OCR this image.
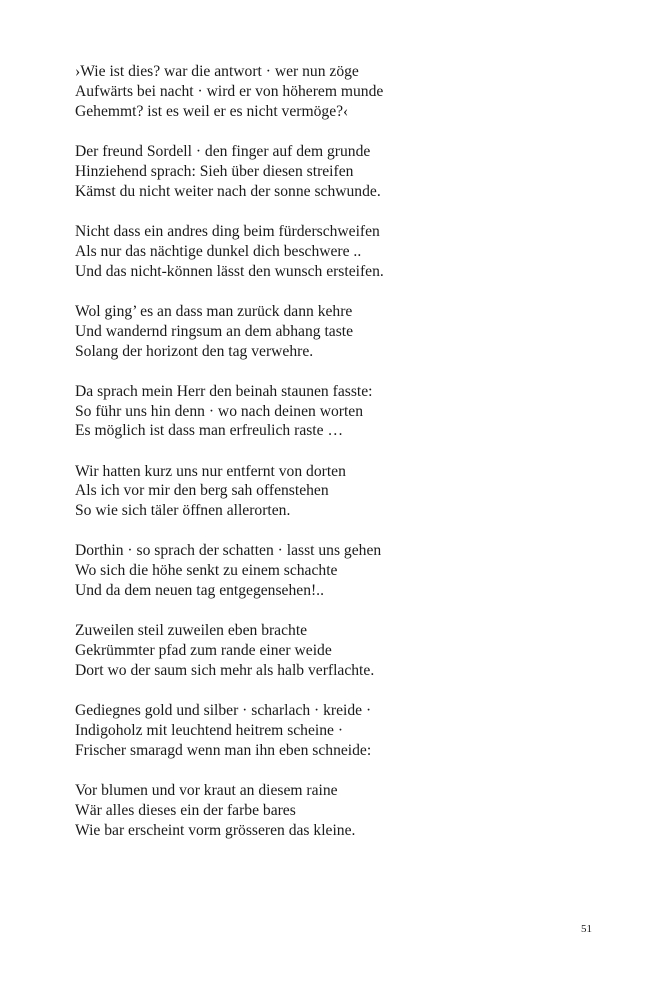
›Wie ist dies? war die antwort · wer nun zöge
Aufwärts bei nacht · wird er von höherem munde
Gehemmt? ist es weil er es nicht vermöge?‹
Der freund Sordell · den finger auf dem grunde
Hinziehend sprach: Sieh über diesen streifen
Kämst du nicht weiter nach der sonne schwunde.
Nicht dass ein andres ding beim fürderschweifen
Als nur das nächtige dunkel dich beschwere ..
Und das nicht-können lässt den wunsch ersteifen.
Wol ging’ es an dass man zurück dann kehre
Und wandernd ringsum an dem abhang taste
Solang der horizont den tag verwehre.
Da sprach mein Herr den beinah staunen fasste:
So führ uns hin denn · wo nach deinen worten
Es möglich ist dass man erfreulich raste …
Wir hatten kurz uns nur entfernt von dorten
Als ich vor mir den berg sah offenstehen
So wie sich täler öffnen allerorten.
Dorthin · so sprach der schatten · lasst uns gehen
Wo sich die höhe senkt zu einem schachte
Und da dem neuen tag entgegensehen!..
Zuweilen steil zuweilen eben brachte
Gekrümmter pfad zum rande einer weide
Dort wo der saum sich mehr als halb verflachte.
Gediegnes gold und silber · scharlach · kreide ·
Indigoholz mit leuchtend heitrem scheine ·
Frischer smaragd wenn man ihn eben schneide:
Vor blumen und vor kraut an diesem raine
Wär alles dieses ein der farbe bares
Wie bar erscheint vorm grösseren das kleine.
51
